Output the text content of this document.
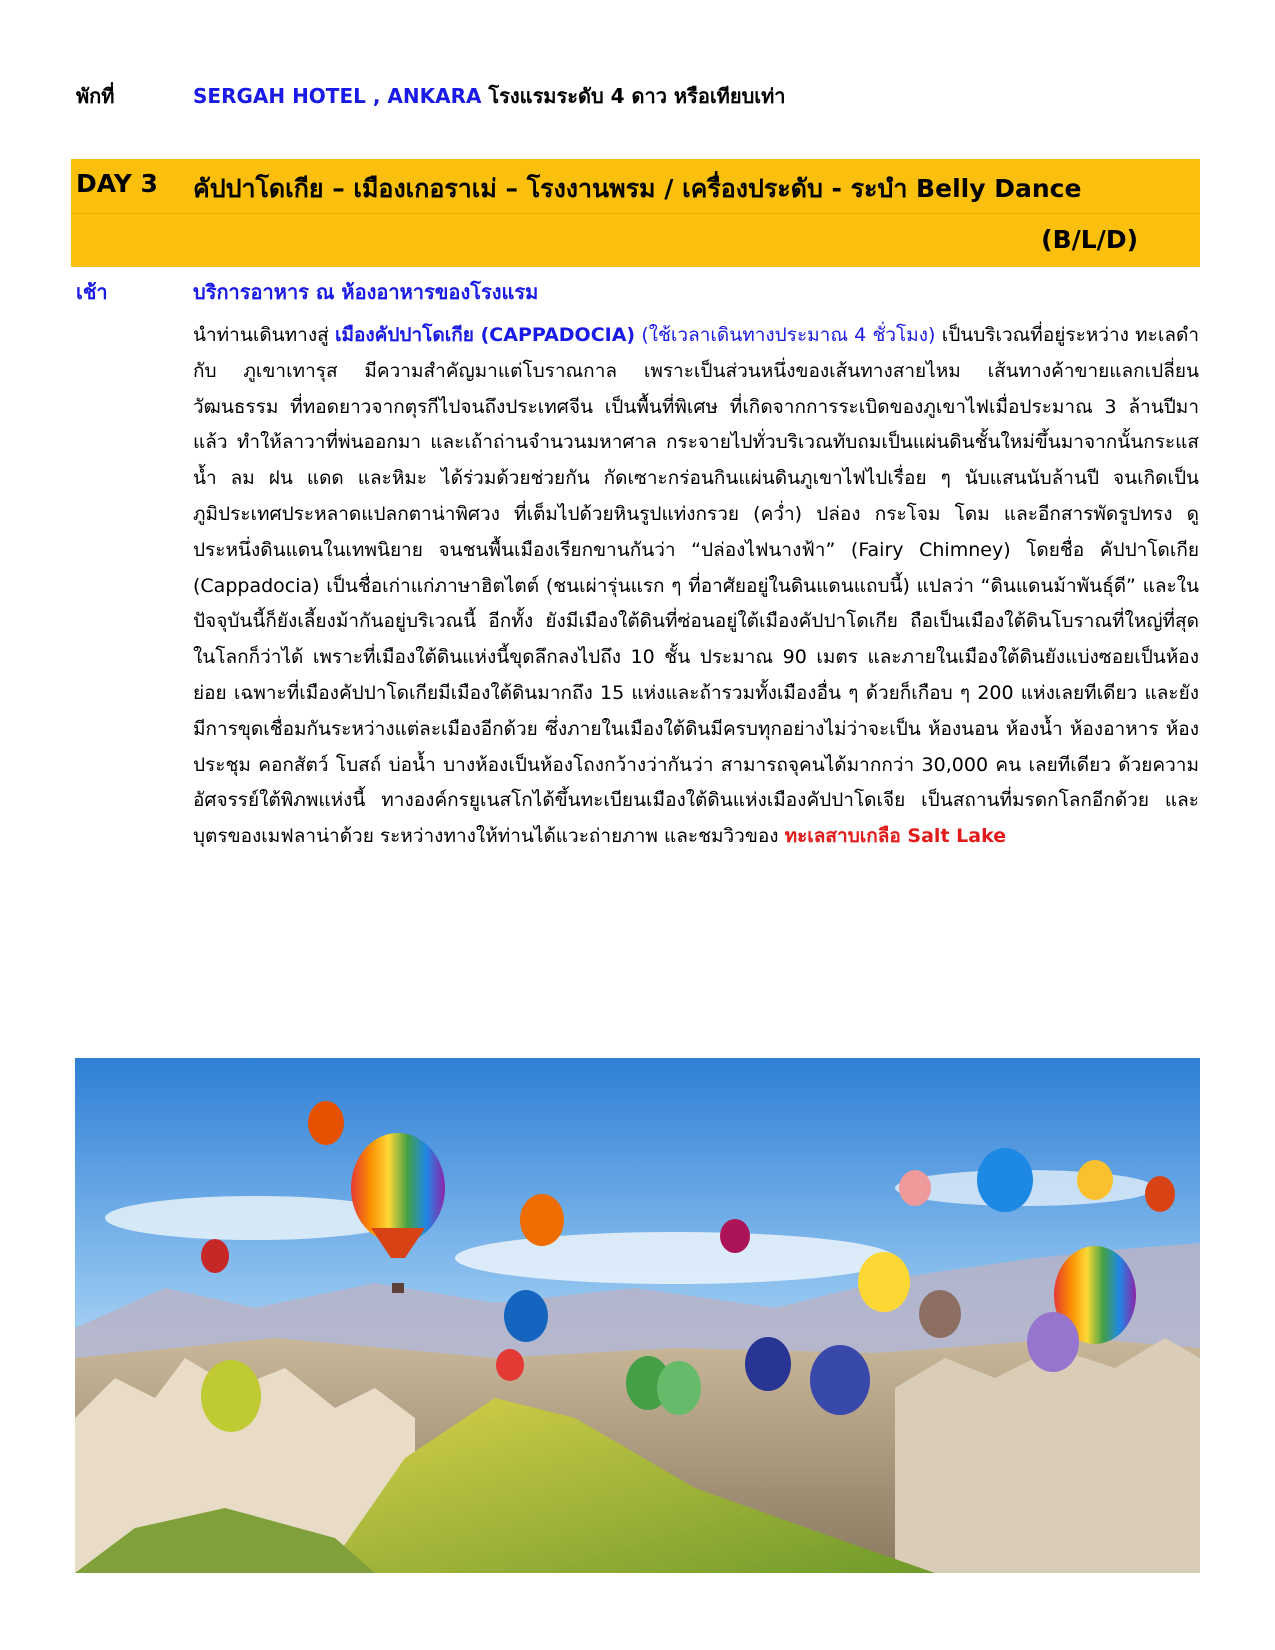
พักที่	SERGAH HOTEL , ANKARA โรงแรมระดับ 4 ดาว หรือเทียบเท่า
DAY 3 คัปปาโดเกีย – เมืองเกอราเม่ – โรงงานพรม / เครื่องประดับ - ระบำ Belly Dance
(B/L/D)
เช้า	บริการอาหาร ณ ห้องอาหารของโรงแรม
นำท่านเดินทางสู่ เมืองคัปปาโดเกีย (CAPPADOCIA) (ใช้เวลาเดินทางประมาณ 4 ชั่วโมง) เป็นบริเวณที่อยู่ระหว่าง ทะเลดำ กับ ภูเขาเทารุส มีความสำคัญมาแต่โบราณกาล เพราะเป็นส่วนหนึ่งของเส้นทางสายไหม เส้นทางค้าขายแลกเปลี่ยนวัฒนธรรม ที่ทอดยาวจากตุรกีไปจนถึงประเทศจีน เป็นพื้นที่พิเศษ ที่เกิดจากการระเบิดของภูเขาไฟเมื่อประมาณ 3 ล้านปีมาแล้ว ทำให้ลาวาที่พ่นออกมา และเถ้าถ่านจำนวนมหาศาล กระจายไปทั่วบริเวณทับถมเป็นแผ่นดินชั้นใหม่ขึ้นมาจากนั้นกระแสน้ำ ลม ฝน แดด และหิมะ ได้ร่วมด้วยช่วยกัน กัดเซาะกร่อนกินแผ่นดินภูเขาไฟไปเรื่อย ๆ นับแสนนับล้านปี จนเกิดเป็นภูมิประเทศประหลาดแปลกตาน่าพิศวง ที่เต็มไปด้วยหินรูปแท่งกรวย (คว่ำ) ปล่อง กระโจม โดม และอีกสารพัดรูปทรง ดูประหนึ่งดินแดนในเทพนิยาย จนชนพื้นเมืองเรียกขานกันว่า “ปล่องไฟนางฟ้า” (Fairy Chimney) โดยชื่อ คัปปาโดเกีย (Cappadocia) เป็นชื่อเก่าแก่ภาษาฮิตไตต์ (ชนเผ่ารุ่นแรก ๆ ที่อาศัยอยู่ในดินแดนแถบนี้) แปลว่า “ดินแดนม้าพันธุ์ดี” และในปัจจุบันนี้ก็ยังเลี้ยงม้ากันอยู่บริเวณนี้ อีกทั้ง ยังมีเมืองใต้ดินที่ซ่อนอยู่ใต้เมืองคัปปาโดเกีย ถือเป็นเมืองใต้ดินโบราณที่ใหญ่ที่สุดในโลกก็ว่าได้ เพราะที่เมืองใต้ดินแห่งนี้ขุดลึกลงไปถึง 10 ชั้น ประมาณ 90 เมตร และภายในเมืองใต้ดินยังแบ่งซอยเป็นห้องย่อย เฉพาะที่เมืองคัปปาโดเกียมีเมืองใต้ดินมากถึง 15 แห่งและถ้ารวมทั้งเมืองอื่น ๆ ด้วยก็เกือบ ๆ 200 แห่งเลยทีเดียว และยังมีการขุดเชื่อมกันระหว่างแต่ละเมืองอีกด้วย ซึ่งภายในเมืองใต้ดินมีครบทุกอย่างไม่ว่าจะเป็น ห้องนอน ห้องน้ำ ห้องอาหาร ห้องประชุม คอกสัตว์ โบสถ์ บ่อน้ำ บางห้องเป็นห้องโถงกว้างว่ากันว่า สามารถจุคนได้มากกว่า 30,000 คน เลยทีเดียว ด้วยความอัศจรรย์ใต้พิภพแห่งนี้ ทางองค์กรยูเนสโกได้ขึ้นทะเบียนเมืองใต้ดินแห่งเมืองคัปปาโดเจีย เป็นสถานที่มรดกโลกอีกด้วย และบุตรของเมฟลาน่าด้วย ระหว่างทางให้ท่านได้แวะถ่ายภาพ และชมวิวของ ทะเลสาบเกลือ Salt Lake
